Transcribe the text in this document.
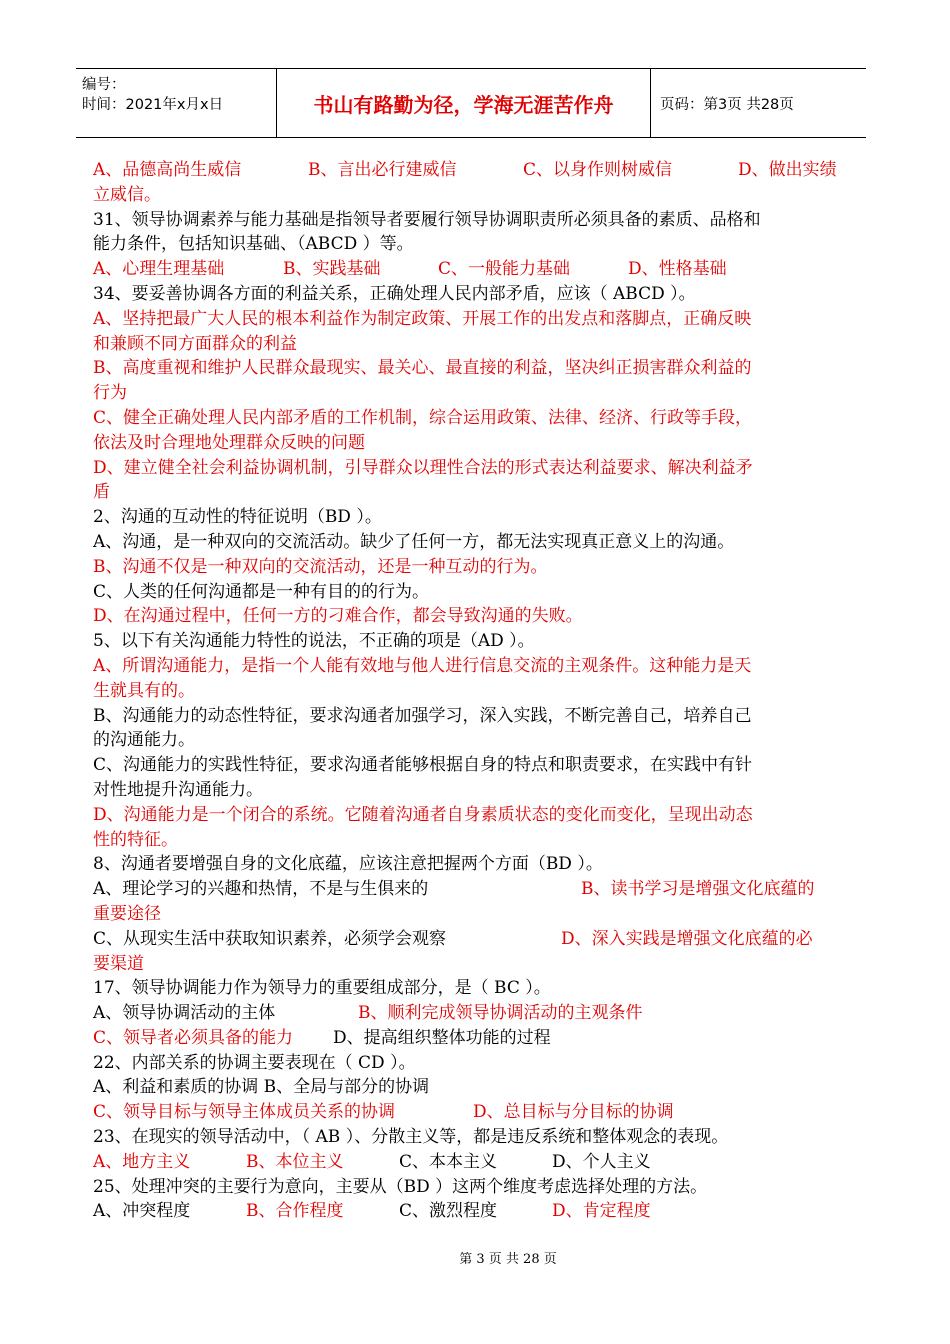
编号：
时间：2021年x月x日	书山有路勤为径，学海无涯苦作舟	页码：第3页 共28页
A、品德高尚生威信	B、言出必行建威信	C、以身作则树威信	D、做出实绩
立威信。
31、领导协调素养与能力基础是指领导者要履行领导协调职责所必须具备的素质、品格和
能力条件，包括知识基础、（ABCD ）等。
A、心理生理基础	B、实践基础	C、一般能力基础	D、性格基础
34、要妥善协调各方面的利益关系，正确处理人民内部矛盾，应该（ ABCD ）。
A、坚持把最广大人民的根本利益作为制定政策、开展工作的出发点和落脚点，正确反映
和兼顾不同方面群众的利益
B、高度重视和维护人民群众最现实、最关心、最直接的利益，坚决纠正损害群众利益的
行为
C、健全正确处理人民内部矛盾的工作机制，综合运用政策、法律、经济、行政等手段，
依法及时合理地处理群众反映的问题
D、建立健全社会利益协调机制，引导群众以理性合法的形式表达利益要求、解决利益矛
盾
2、沟通的互动性的特征说明（BD ）。
A、沟通，是一种双向的交流活动。缺少了任何一方，都无法实现真正意义上的沟通。
B、沟通不仅是一种双向的交流活动，还是一种互动的行为。
C、人类的任何沟通都是一种有目的的行为。
D、在沟通过程中，任何一方的刁难合作，都会导致沟通的失败。
5、以下有关沟通能力特性的说法，不正确的项是（AD ）。
A、所谓沟通能力，是指一个人能有效地与他人进行信息交流的主观条件。这种能力是天
生就具有的。
B、沟通能力的动态性特征，要求沟通者加强学习，深入实践，不断完善自己，培养自己
的沟通能力。
C、沟通能力的实践性特征，要求沟通者能够根据自身的特点和职责要求，在实践中有针
对性地提升沟通能力。
D、沟通能力是一个闭合的系统。它随着沟通者自身素质状态的变化而变化，呈现出动态
性的特征。
8、沟通者要增强自身的文化底蕴，应该注意把握两个方面（BD ）。
A、理论学习的兴趣和热情，不是与生俱来的	B、读书学习是增强文化底蕴的
重要途径
C、从现实生活中获取知识素养，必须学会观察	D、深入实践是增强文化底蕴的必
要渠道
17、领导协调能力作为领导力的重要组成部分，是（ BC ）。
A、领导协调活动的主体	B、顺利完成领导协调活动的主观条件
C、领导者必须具备的能力 D、提高组织整体功能的过程
22、内部关系的协调主要表现在（ CD ）。
A、利益和素质的协调 B、全局与部分的协调
C、领导目标与领导主体成员关系的协调	D、总目标与分目标的协调
23、在现实的领导活动中，（ AB ）、分散主义等，都是违反系统和整体观念的表现。
A、地方主义	B、本位主义	C、本本主义	D、个人主义
25、处理冲突的主要行为意向，主要从（BD ）这两个维度考虑选择处理的方法。
A、冲突程度	B、合作程度	C、激烈程度	D、肯定程度
第 3 页 共 28 页
